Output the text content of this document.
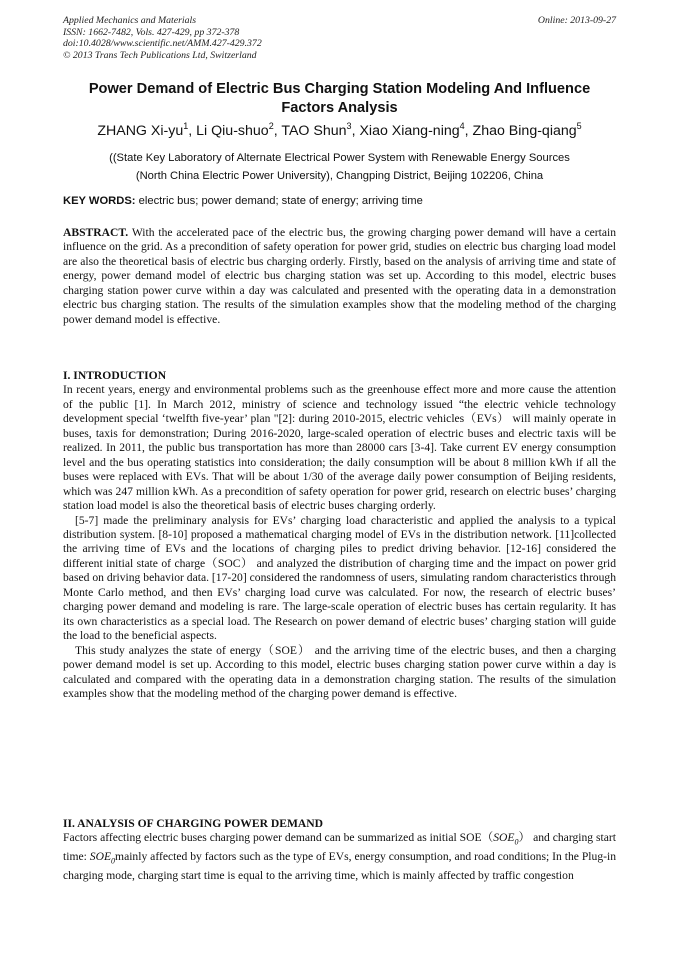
Applied Mechanics and Materials
ISSN: 1662-7482, Vols. 427-429, pp 372-378
doi:10.4028/www.scientific.net/AMM.427-429.372
© 2013 Trans Tech Publications Ltd, Switzerland
Online: 2013-09-27
Power Demand of Electric Bus Charging Station Modeling And Influence
Factors Analysis
ZHANG $Xi-yu^1$, Li Qiu-shuo$^2$, TAO Shun$^3$, Xiao Xiang-ning$^4$, Zhao Bing-qiang$^5$
((State Key Laboratory of Alternate Electrical Power System with Renewable Energy Sources
(North China Electric Power University), Changping District, Beijing 102206, China
KEY WORDS: electric bus; power demand; state of energy; arriving time

ABSTRACT. With the accelerated pace of the electric bus, the growing charging power demand will have a certain influence on the grid. As a precondition of safety operation for power grid, studies on electric bus charging load model are also the theoretical basis of electric bus charging orderly. Firstly, based on the analysis of arriving time and state of energy, power demand model of electric bus charging station was set up. According to this model, electric buses charging station power curve within a day was calculated and presented with the operating data in a demonstration electric bus charging station. The results of the simulation examples show that the modeling method of the charging power demand model is effective.

I. INTRODUCTION

In recent years, energy and environmental problems such as the greenhouse effect more and more cause the attention of the public [1]. In March 2012, ministry of science and technology issued “the electric vehicle technology development special ‘twelfth five-year’ plan "[2]: during 2010-2015, electric vehicles（EVs） will mainly operate in buses, taxis for demonstration; During 2016-2020, large-scaled operation of electric buses and electric taxis will be realized. In 2011, the public bus transportation has more than 28000 cars [3-4]. Take current EV energy consumption level and the bus operating statistics into consideration; the daily consumption will be about 8 million kWh if all the buses were replaced with EVs. That will be about 1/30 of the average daily power consumption of Beijing residents, which was 247 million kWh. As a precondition of safety operation for power grid, research on electric buses’ charging station load model is also the theoretical basis of electric buses charging orderly.

[5-7] made the preliminary analysis for EVs’ charging load characteristic and applied the analysis to a typical distribution system. [8-10] proposed a mathematical charging model of EVs in the distribution network. [11]collected the arriving time of EVs and the locations of charging piles to predict driving behavior. [12-16] considered the different initial state of charge（SOC） and analyzed the distribution of charging time and the impact on power grid based on driving behavior data. [17-20] considered the randomness of users, simulating random characteristics through Monte Carlo method, and then EVs’ charging load curve was calculated. For now, the research of electric buses’ charging power demand and modeling is rare. The large-scale operation of electric buses has certain regularity. It has its own characteristics as a special load. The Research on power demand of electric buses’ charging station will guide the load to the beneficial aspects.

This study analyzes the state of energy（SOE） and the arriving time of the electric buses, and then a charging power demand model is set up. According to this model, electric buses charging station power curve within a day is calculated and compared with the operating data in a demonstration charging station. The results of the simulation examples show that the modeling method of the charging power demand is effective.

II. ANALYSIS OF CHARGING POWER DEMAND

Factors affecting electric buses charging power demand can be summarized as initial $SOE(SOE_0)$ and charging start time: $SOE_0mainly$ affected by factors such as the type of EVs, energy consumption, and road conditions; In the Plug-in charging mode, charging start time is equal to the arriving time, which is mainly affected by traffic congestion
